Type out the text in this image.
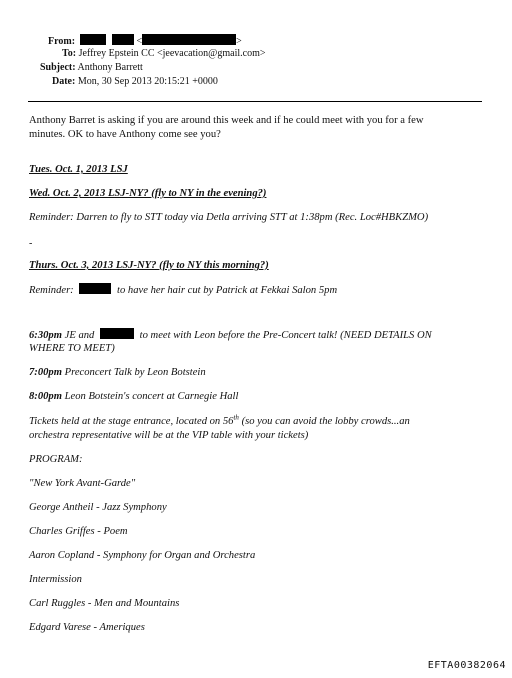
From:	<	>
To: Jeffrey Epstein CC <jeevacation@gmail.com>
Subject: Anthony Barrett
Date: Mon, 30 Sep 2013 20:15:21 +0000
Anthony Barret is asking if you are around this week and if he could meet with you for a few
minutes. OK to have Anthony come see you?
Tues. Oct. 1, 2013 LSJ
Wed. Oct. 2, 2013 LSJ-NY? (fly to NY in the evening?)
Reminder: Darren to fly to STT today via Detla arriving STT at 1:38pm (Rec. Loc#HBKZMO)
-
Thurs. Oct. 3, 2013 LSJ-NY? (fly to NY this morning?)
Reminder:	to have her hair cut by Patrick at Fekkai Salon 5pm
6:30pm JE and	to meet with Leon before the Pre-Concert talk! (NEED DETAILS ON
WHERE TO MEET)
7:00pm Preconcert Talk by Leon Botstein
8:00pm Leon Botstein's concert at Carnegie Hall
Tickets held at the stage entrance, located on 56th (so you can avoid the lobby crowds...an
orchestra representative will be at the VIP table with your tickets)
PROGRAM:
"New York Avant-Garde"
George Antheil - Jazz Symphony
Charles Griffes - Poem
Aaron Copland - Symphony for Organ and Orchestra
Intermission
Carl Ruggles - Men and Mountains
Edgard Varese - Ameriques
EFTA00382064
